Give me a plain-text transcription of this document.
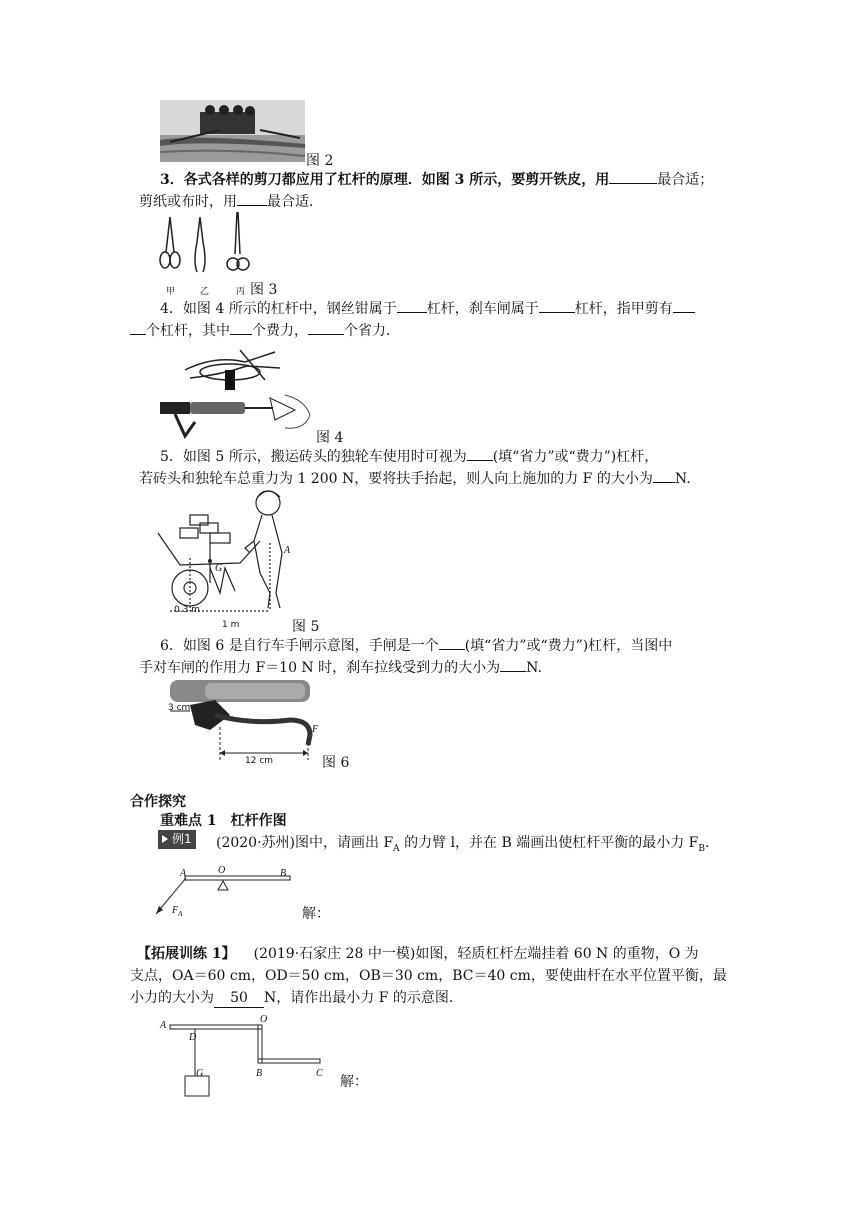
图 2
3．各式各样的剪刀都应用了杠杆的原理．如图 3 所示，要剪开铁皮，用	最合适；
剪纸或布时，用 最合适．
甲	乙	丙 图 3
4．如图 4 所示的杠杆中，钢丝钳属于 杠杆，刹车闸属于	杠杆，指甲剪有
个杠杆，其中 个费力，	个省力．
图 4
5．如图 5 所示，搬运砖头的独轮车使用时可视为 (填“省力”或“费力”)杠杆，
若砖头和独轮车总重力为 1 200 N，要将扶手抬起，则人向上施加的力 F 的大小为 N.
G
A
0.3 m
1 m	图 5
6．如图 6 是自行车手闸示意图，手闸是一个 (填“省力”或“费力”)杠杆，当图中
手对车闸的作用力 F＝10 N 时，刹车拉线受到力的大小为 N.
3 cm
12 cm
F
图 6
合作探究
重难点 1　杠杆作图
例1 (2020·苏州)图中，请画出 $F_A$ 的力臂 l，并在 B 端画出使杠杆平衡的最小力 $F_B$.
A	O	B
$F_A$	解：
【拓展训练 1】 (2019·石家庄 28 中一模)如图，轻质杠杆左端挂着 60 N 的重物，O 为
支点，OA＝60 cm，OD＝50 cm，OB＝30 cm，BC＝40 cm，要使曲杆在水平位置平衡，最
小力的大小为 50 N，请作出最小力 F 的示意图.
A
O
D
G	B	C
解：
